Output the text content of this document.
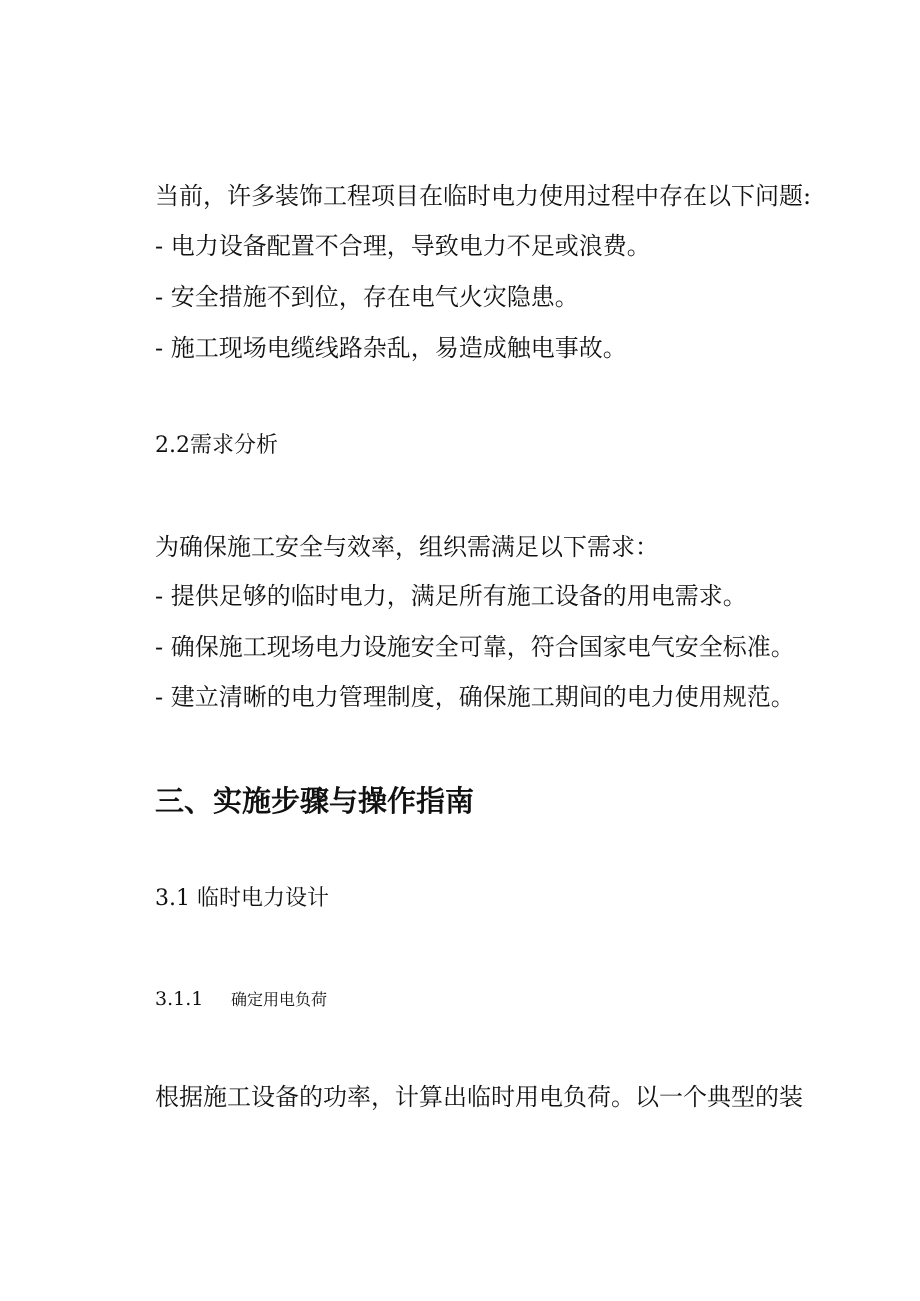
当前，许多装饰工程项目在临时电力使用过程中存在以下问题:

- 电力设备配置不合理，导致电力不足或浪费。

- 安全措施不到位，存在电气火灾隐患。

- 施工现场电缆线路杂乱，易造成触电事故。

2.2需求分析

为确保施工安全与效率，组织需满足以下需求：

- 提供足够的临时电力，满足所有施工设备的用电需求。

- 确保施工现场电力设施安全可靠，符合国家电气安全标准。

- 建立清晰的电力管理制度，确保施工期间的电力使用规范。

三、实施步骤与操作指南
3.1 临时电力设计
3.1.1 确定用电负荷

根据施工设备的功率，计算出临时用电负荷。以一个典型的装
